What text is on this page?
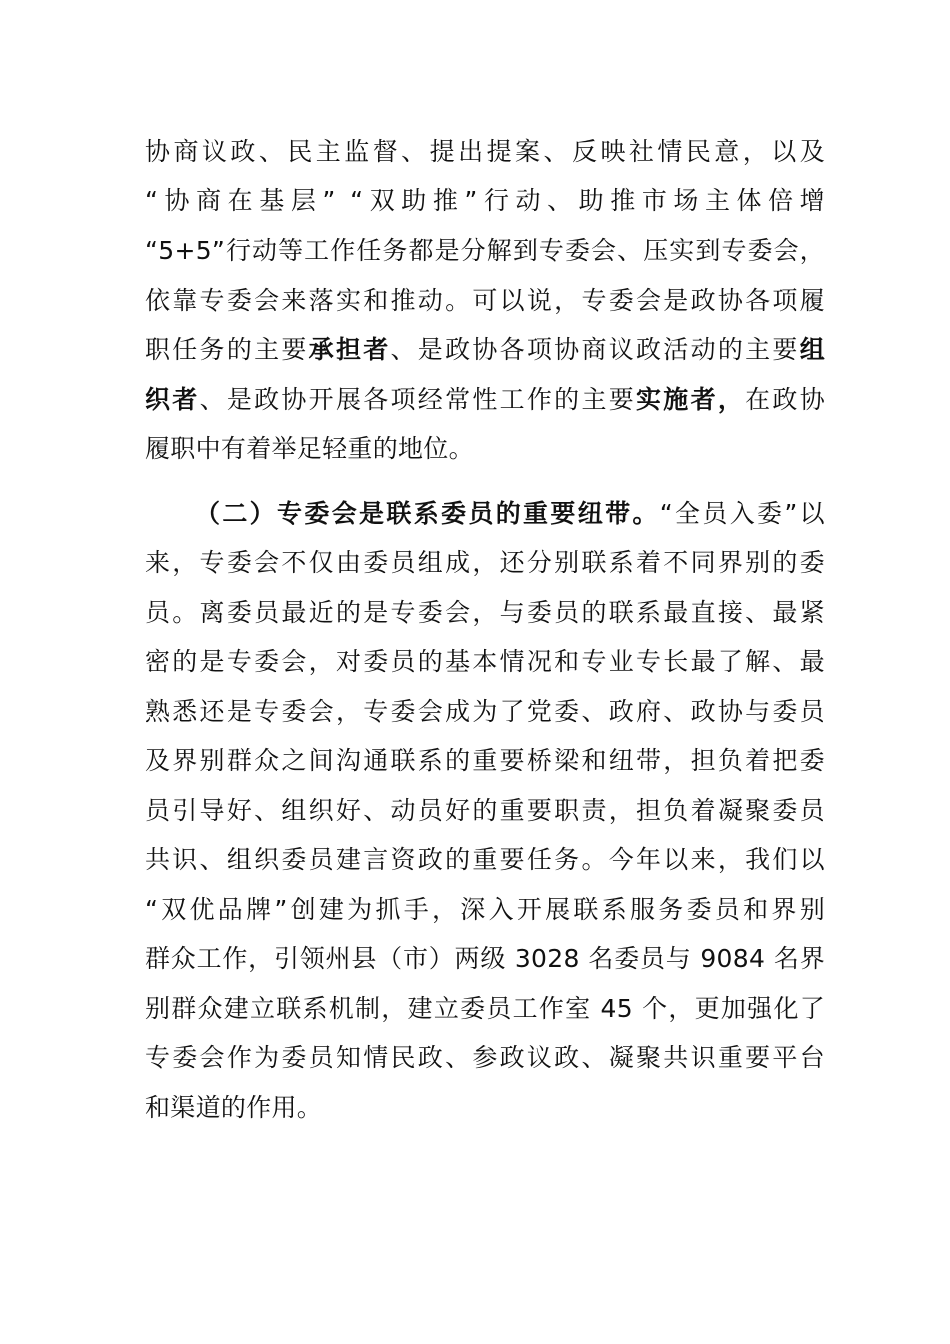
协商议政、民主监督、提出提案、反映社情民意，以及
“协商在基层” “双助推”行动、助推市场主体倍增
“5+5”行动等工作任务都是分解到专委会、压实到专委会，
依靠专委会来落实和推动。可以说，专委会是政协各项履
职任务的主要承担者、是政协各项协商议政活动的主要组
织者、是政协开展各项经常性工作的主要实施者，在政协
履职中有着举足轻重的地位。
（二）专委会是联系委员的重要纽带。“全员入委”以
来，专委会不仅由委员组成，还分别联系着不同界别的委
员。离委员最近的是专委会，与委员的联系最直接、最紧
密的是专委会，对委员的基本情况和专业专长最了解、最
熟悉还是专委会，专委会成为了党委、政府、政协与委员
及界别群众之间沟通联系的重要桥梁和纽带，担负着把委
员引导好、组织好、动员好的重要职责，担负着凝聚委员
共识、组织委员建言资政的重要任务。今年以来，我们以
“双优品牌”创建为抓手，深入开展联系服务委员和界别
群众工作，引领州县（市）两级 3028 名委员与 9084 名界
别群众建立联系机制，建立委员工作室 45 个，更加强化了
专委会作为委员知情民政、参政议政、凝聚共识重要平台
和渠道的作用。
